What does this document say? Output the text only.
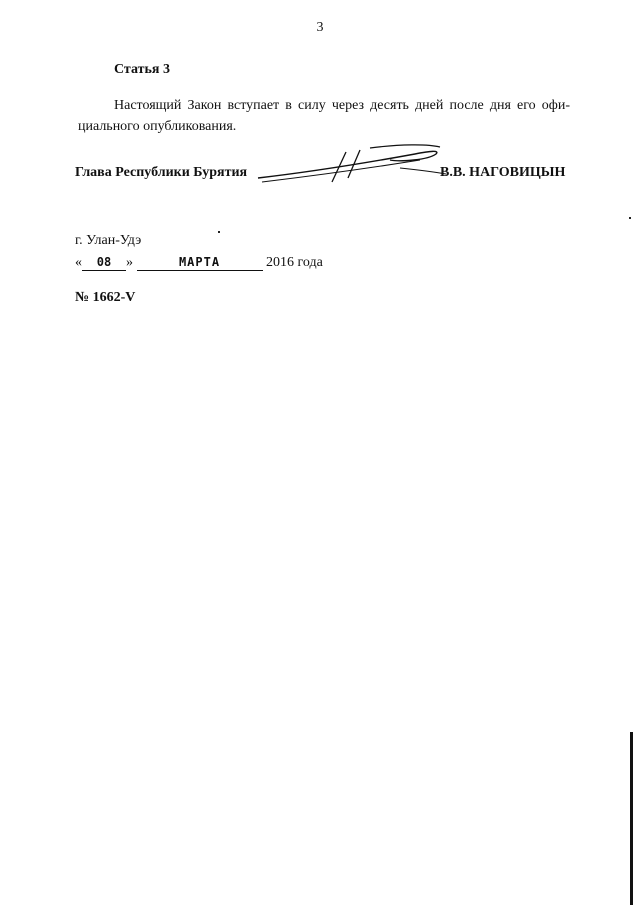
3
Статья 3
Настоящий Закон вступает в силу через десять дней после дня его офи-
циального опубликования.
Глава Республики Бурятия	В.В. НАГОВИЦЫН
г. Улан-Удэ
« 08 »	МАРТА	2016 года
№ 1662-V
